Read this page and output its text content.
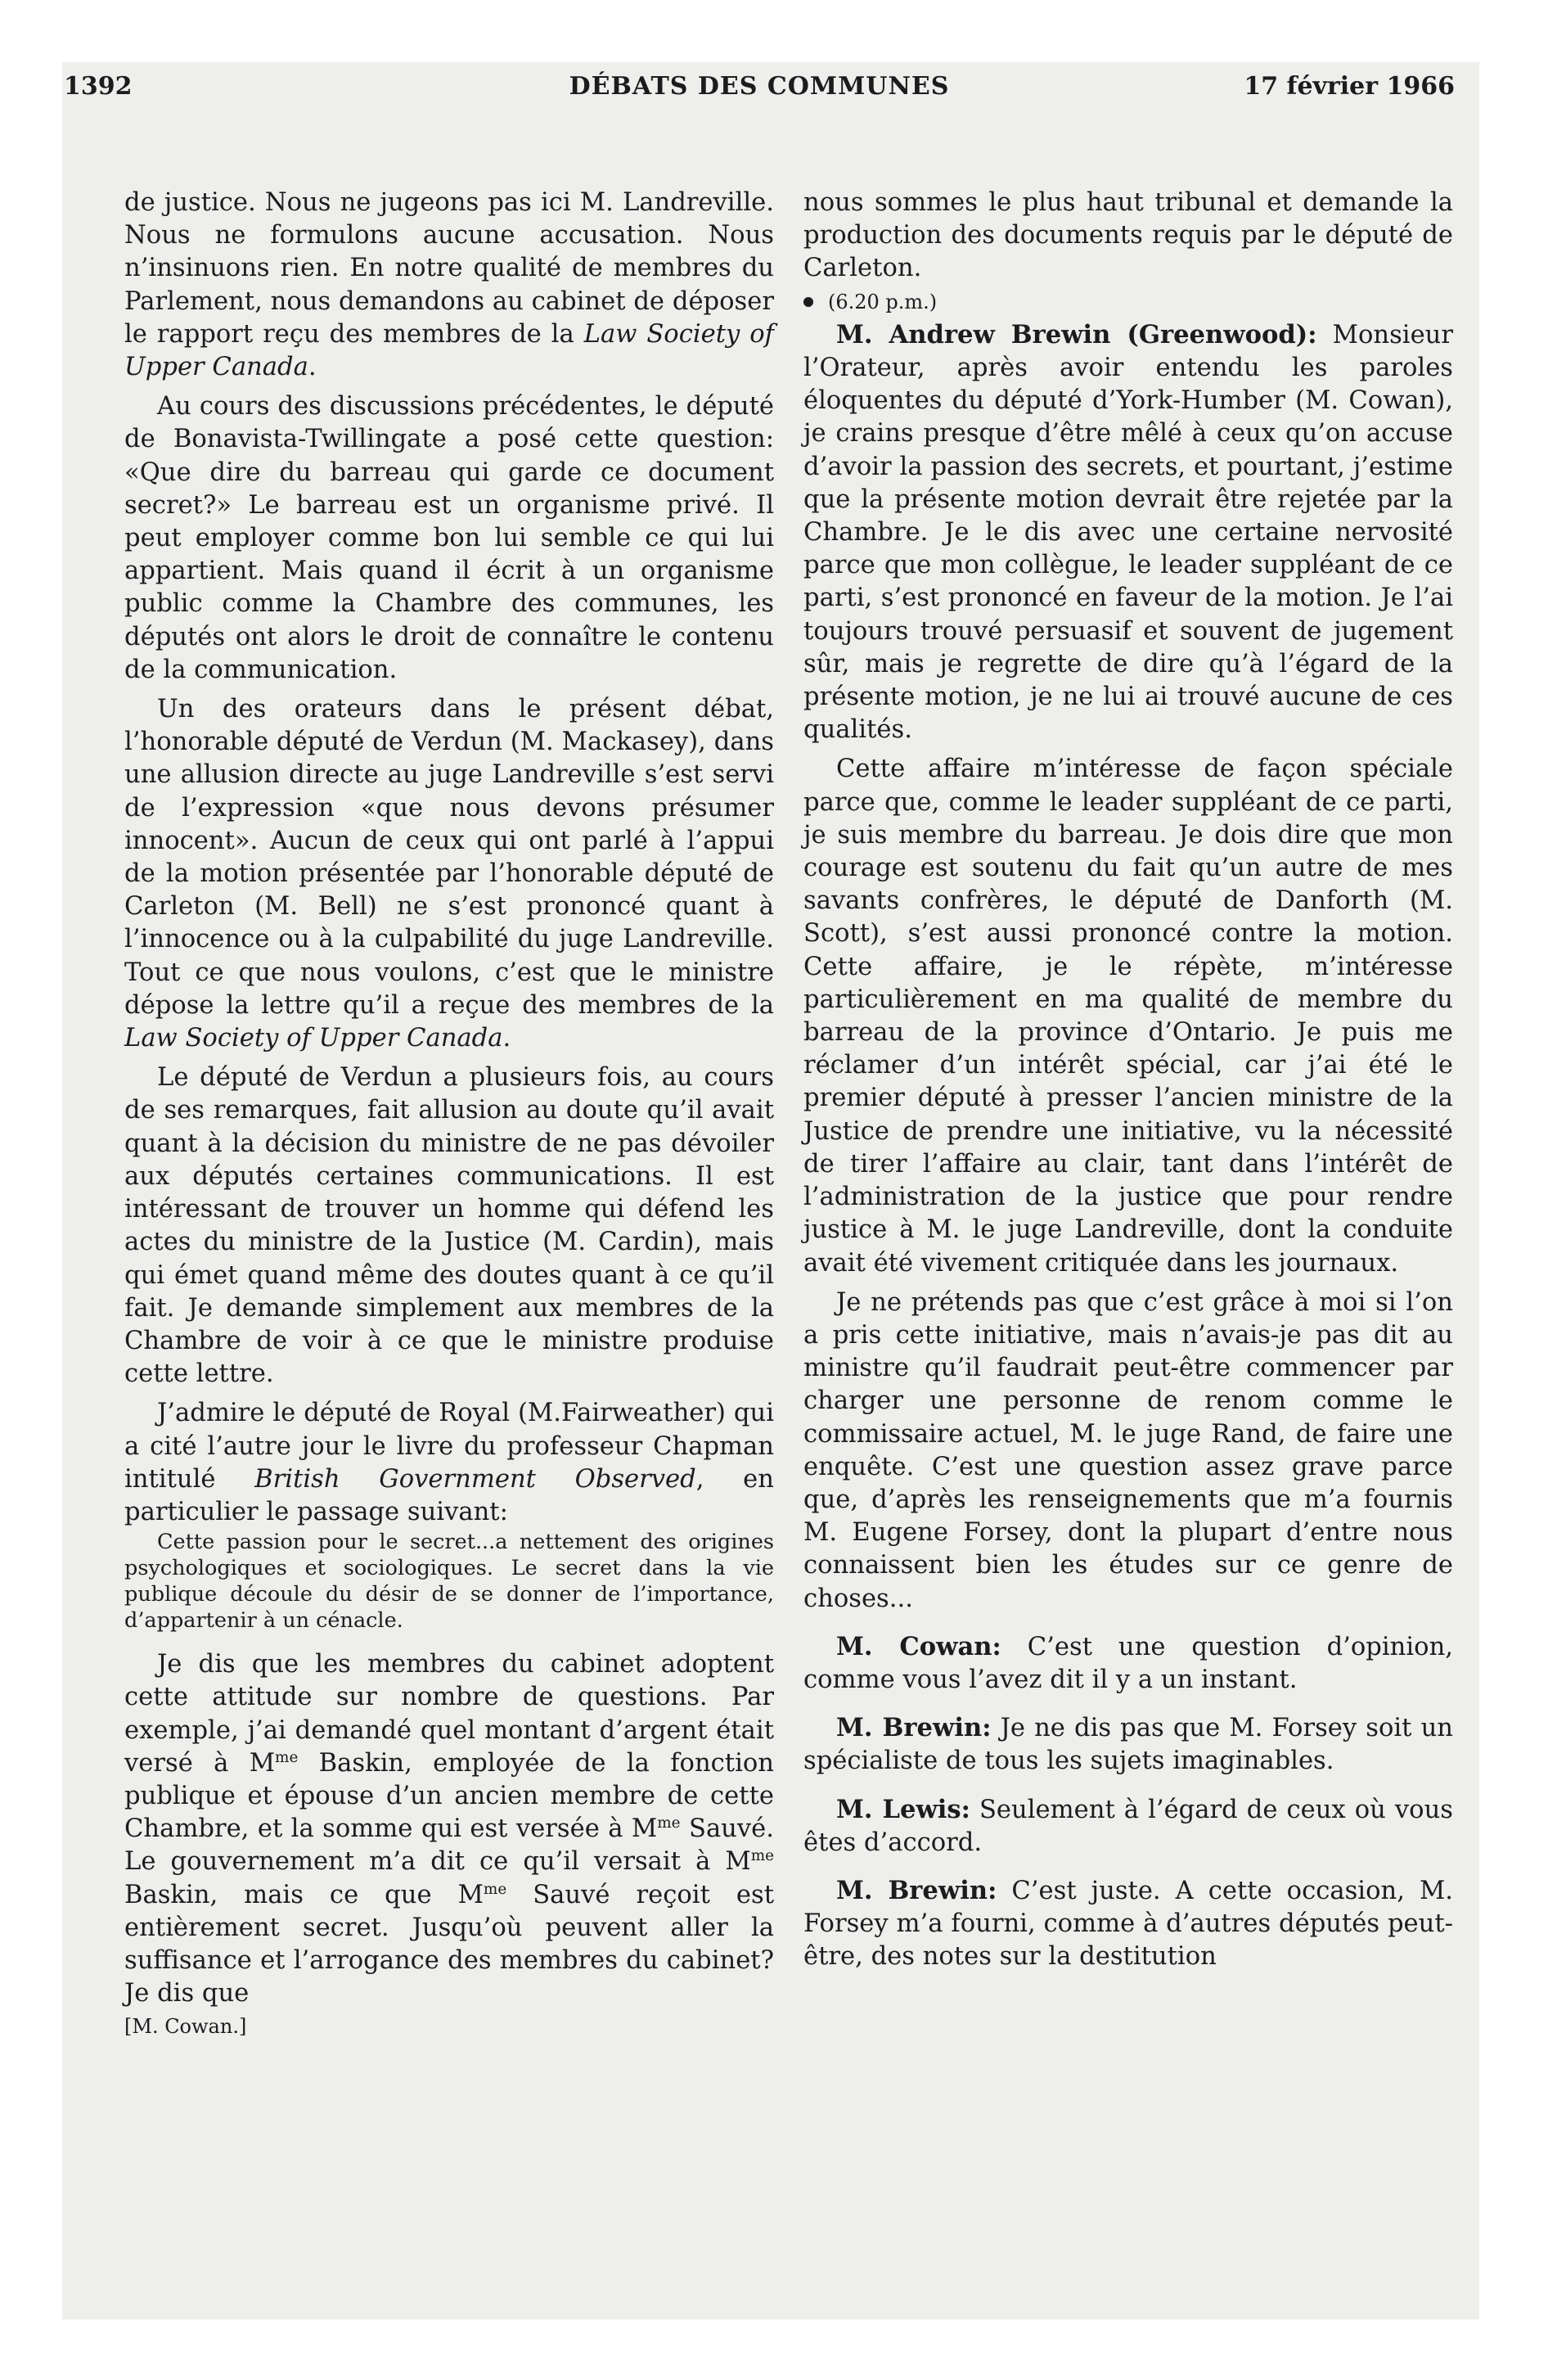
1392	DÉBATS DES COMMUNES	17 février 1966

de justice. Nous ne jugeons pas ici M. Landreville. Nous ne formulons aucune accusation. Nous n’insinuons rien. En notre qualité de membres du Parlement, nous demandons au cabinet de déposer le rapport reçu des membres de la Law Society of Upper Canada.

Au cours des discussions précédentes, le député de Bonavista-Twillingate a posé cette question: «Que dire du barreau qui garde ce document secret?» Le barreau est un organisme privé. Il peut employer comme bon lui semble ce qui lui appartient. Mais quand il écrit à un organisme public comme la Chambre des communes, les députés ont alors le droit de connaître le contenu de la communication.

Un des orateurs dans le présent débat, l’honorable député de Verdun (M. Mackasey), dans une allusion directe au juge Landreville s’est servi de l’expression «que nous devons présumer innocent». Aucun de ceux qui ont parlé à l’appui de la motion présentée par l’honorable député de Carleton (M. Bell) ne s’est prononcé quant à l’innocence ou à la culpabilité du juge Landreville. Tout ce que nous voulons, c’est que le ministre dépose la lettre qu’il a reçue des membres de la Law Society of Upper Canada.

Le député de Verdun a plusieurs fois, au cours de ses remarques, fait allusion au doute qu’il avait quant à la décision du ministre de ne pas dévoiler aux députés certaines communications. Il est intéressant de trouver un homme qui défend les actes du ministre de la Justice (M. Cardin), mais qui émet quand même des doutes quant à ce qu’il fait. Je demande simplement aux membres de la Chambre de voir à ce que le ministre produise cette lettre.

J’admire le député de Royal (M.Fairweather) qui a cité l’autre jour le livre du professeur Chapman intitulé British Government Observed, en particulier le passage suivant:

Cette passion pour le secret...a nettement des origines psychologiques et sociologiques. Le secret dans la vie publique découle du désir de se donner de l’importance, d’appartenir à un cénacle.

Je dis que les membres du cabinet adoptent cette attitude sur nombre de questions. Par exemple, j’ai demandé quel montant d’argent était versé à $M^{me}$ Baskin, employée de la fonction publique et épouse d’un ancien membre de cette Chambre, et la somme qui est versée à $M^{me}$ Sauvé. Le gouvernement m’a dit ce qu’il versait à $M^{me}$ Baskin, mais ce que $M^{me}$ Sauvé reçoit est entièrement secret. Jusqu’où peuvent aller la suffisance et l’arrogance des membres du cabinet? Je dis que

[M. Cowan.]

nous sommes le plus haut tribunal et demande la production des documents requis par le député de Carleton.

(6.20 p.m.)

M. Andrew Brewin (Greenwood): Monsieur l’Orateur, après avoir entendu les paroles éloquentes du député d’York-Humber (M. Cowan), je crains presque d’être mêlé à ceux qu’on accuse d’avoir la passion des secrets, et pourtant, j’estime que la présente motion devrait être rejetée par la Chambre. Je le dis avec une certaine nervosité parce que mon collègue, le leader suppléant de ce parti, s’est prononcé en faveur de la motion. Je l’ai toujours trouvé persuasif et souvent de jugement sûr, mais je regrette de dire qu’à l’égard de la présente motion, je ne lui ai trouvé aucune de ces qualités.

Cette affaire m’intéresse de façon spéciale parce que, comme le leader suppléant de ce parti, je suis membre du barreau. Je dois dire que mon courage est soutenu du fait qu’un autre de mes savants confrères, le député de Danforth (M. Scott), s’est aussi prononcé contre la motion. Cette affaire, je le répète, m’intéresse particulièrement en ma qualité de membre du barreau de la province d’Ontario. Je puis me réclamer d’un intérêt spécial, car j’ai été le premier député à presser l’ancien ministre de la Justice de prendre une initiative, vu la nécessité de tirer l’affaire au clair, tant dans l’intérêt de l’administration de la justice que pour rendre justice à M. le juge Landreville, dont la conduite avait été vivement critiquée dans les journaux.

Je ne prétends pas que c’est grâce à moi si l’on a pris cette initiative, mais n’avais-je pas dit au ministre qu’il faudrait peut-être commencer par charger une personne de renom comme le commissaire actuel, M. le juge Rand, de faire une enquête. C’est une question assez grave parce que, d’après les renseignements que m’a fournis M. Eugene Forsey, dont la plupart d’entre nous connaissent bien les études sur ce genre de choses...

M. Cowan: C’est une question d’opinion, comme vous l’avez dit il y a un instant.

M. Brewin: Je ne dis pas que M. Forsey soit un spécialiste de tous les sujets imaginables.

M. Lewis: Seulement à l’égard de ceux où vous êtes d’accord.

M. Brewin: C’est juste. A cette occasion, M. Forsey m’a fourni, comme à d’autres députés peut-être, des notes sur la destitution
